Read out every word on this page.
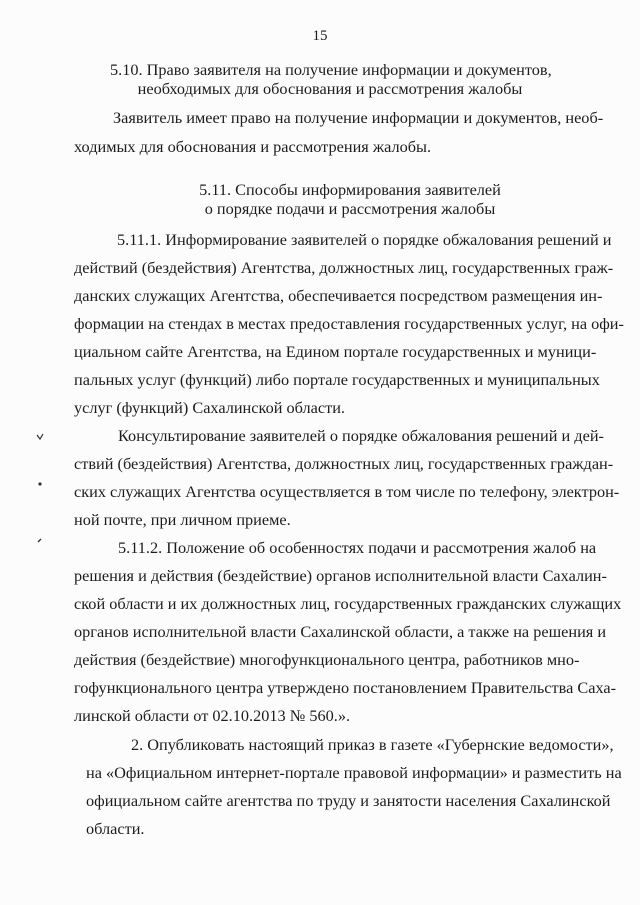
15
5.10. Право заявителя на получение информации и документов,
необходимых для обоснования и рассмотрения жалобы
Заявитель имеет право на получение информации и документов, необ-
ходимых для обоснования и рассмотрения жалобы.
5.11. Способы информирования заявителей
о порядке подачи и рассмотрения жалобы
5.11.1. Информирование заявителей о порядке обжалования решений и
действий (бездействия) Агентства, должностных лиц, государственных граж-
данских служащих Агентства, обеспечивается посредством размещения ин-
формации на стендах в местах предоставления государственных услуг, на офи-
циальном сайте Агентства, на Едином портале государственных и муници-
пальных услуг (функций) либо портале государственных и муниципальных
услуг (функций) Сахалинской области.
Консультирование заявителей о порядке обжалования решений и дей-
ствий (бездействия) Агентства, должностных лиц, государственных граждан-
ских служащих Агентства осуществляется в том числе по телефону, электрон-
ной почте, при личном приеме.
5.11.2. Положение об особенностях подачи и рассмотрения жалоб на
решения и действия (бездействие) органов исполнительной власти Сахалин-
ской области и их должностных лиц, государственных гражданских служащих
органов исполнительной власти Сахалинской области, а также на решения и
действия (бездействие) многофункционального центра, работников мно-
гофункционального центра утверждено постановлением Правительства Саха-
линской области от 02.10.2013 № 560.».
2. Опубликовать настоящий приказ в газете «Губернские ведомости»,
на «Официальном интернет-портале правовой информации» и разместить на
официальном сайте агентства по труду и занятости населения Сахалинской
области.
